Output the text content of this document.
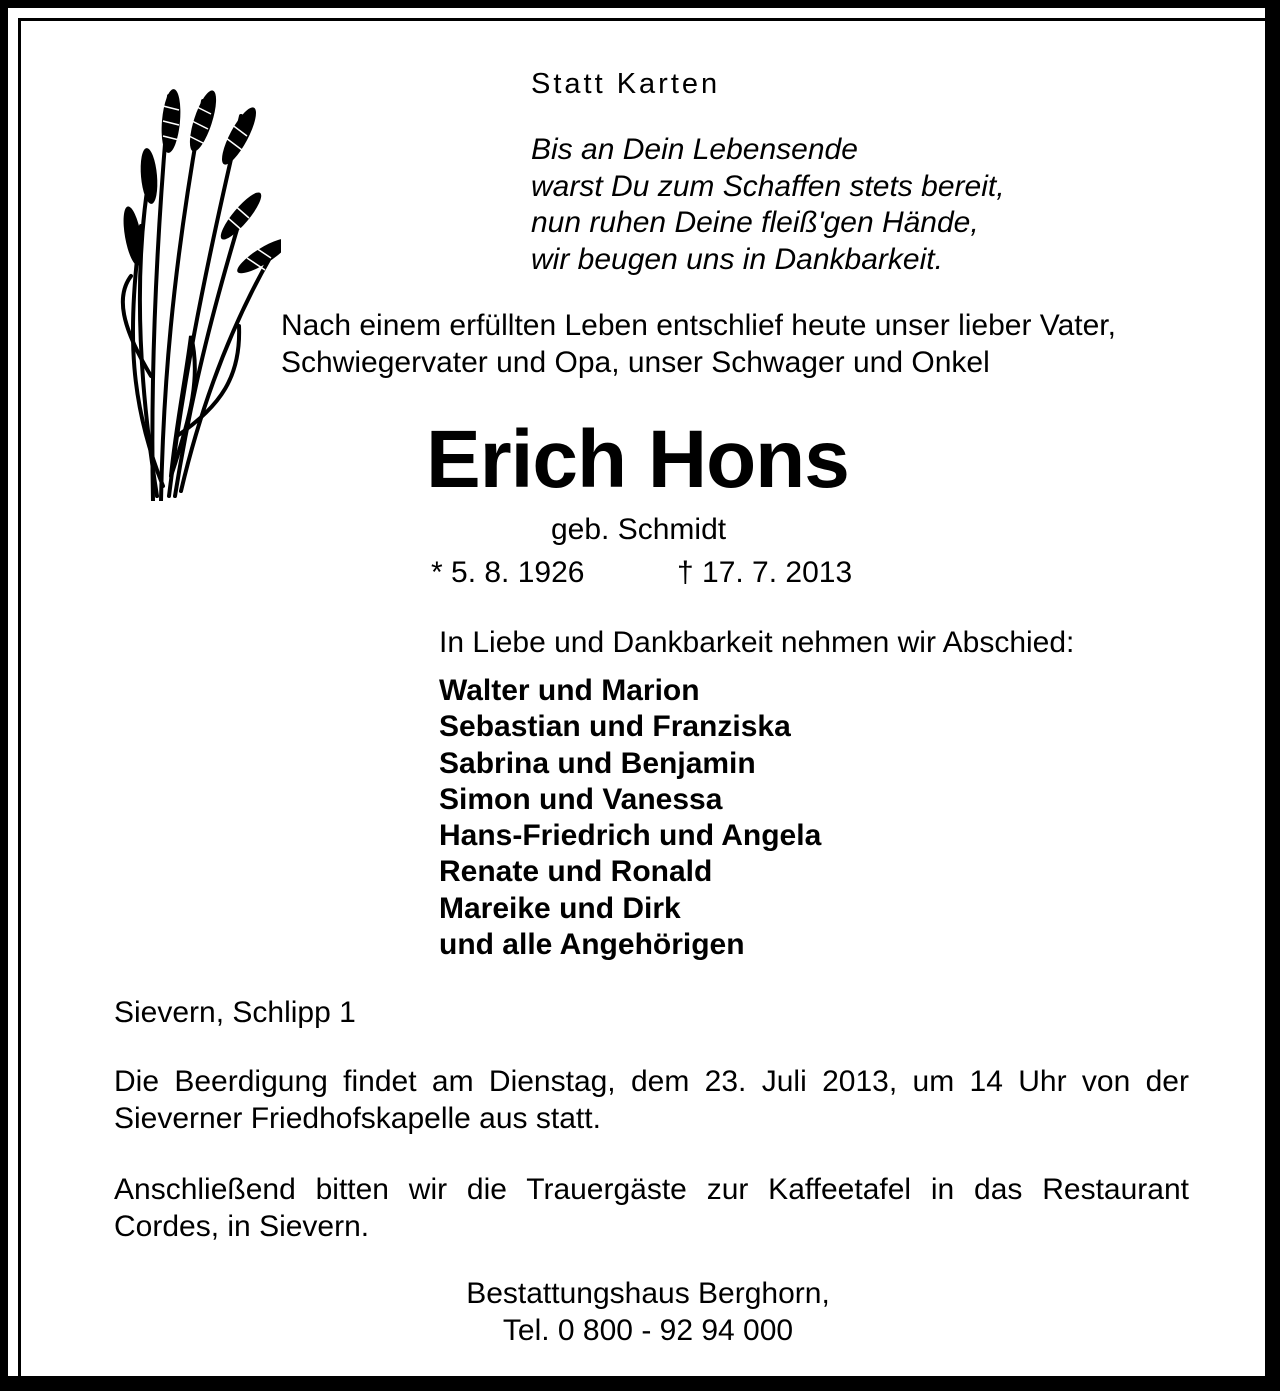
Statt Karten
Bis an Dein Lebensende
warst Du zum Schaffen stets bereit,
nun ruhen Deine fleiß'gen Hände,
wir beugen uns in Dankbarkeit.
Nach einem erfüllten Leben entschlief heute unser lieber Vater,
Schwiegervater und Opa, unser Schwager und Onkel
Erich Hons
geb. Schmidt
* 5. 8. 1926	† 17. 7. 2013
In Liebe und Dankbarkeit nehmen wir Abschied:
Walter und Marion
Sebastian und Franziska
Sabrina und Benjamin
Simon und Vanessa
Hans-Friedrich und Angela
Renate und Ronald
Mareike und Dirk
und alle Angehörigen
Sievern, Schlipp 1
Die Beerdigung findet am Dienstag, dem 23. Juli 2013, um 14 Uhr von der Sieverner Friedhofskapelle aus statt.
Anschließend bitten wir die Trauergäste zur Kaffeetafel in das Restaurant Cordes, in Sievern.
Bestattungshaus Berghorn,
Tel. 0 800 - 92 94 000
